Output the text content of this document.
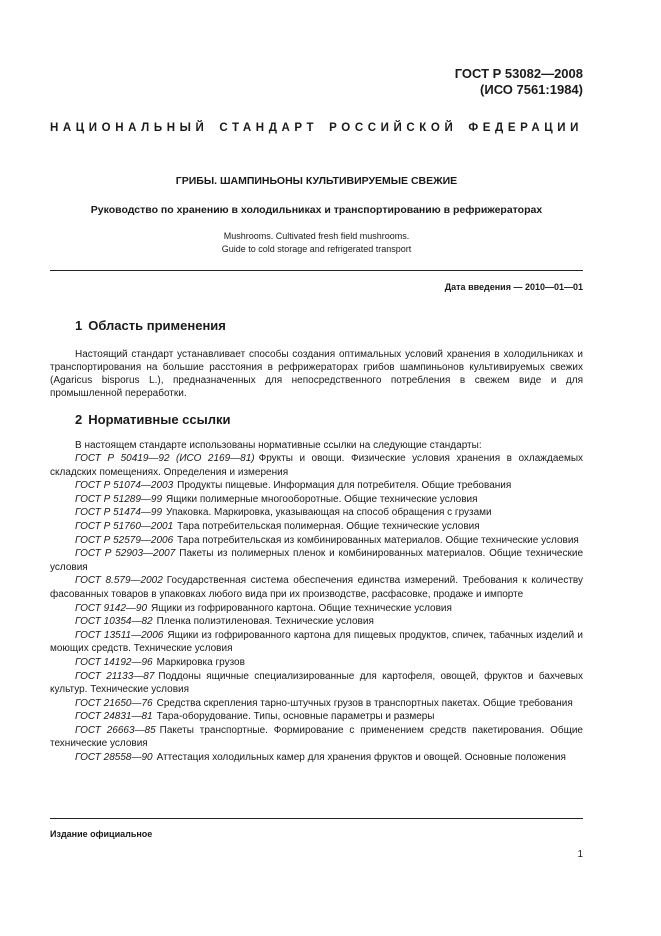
ГОСТ Р 53082—2008
(ИСО 7561:1984)
НАЦИОНАЛЬНЫЙ СТАНДАРТ РОССИЙСКОЙ ФЕДЕРАЦИИ
ГРИБЫ. ШАМПИНЬОНЫ КУЛЬТИВИРУЕМЫЕ СВЕЖИЕ
Руководство по хранению в холодильниках и транспортированию в рефрижераторах
Mushrooms. Cultivated fresh field mushrooms.
Guide to cold storage and refrigerated transport
Дата введения — 2010—01—01
1 Область применения
Настоящий стандарт устанавливает способы создания оптимальных условий хранения в холодильниках и транспортирования на большие расстояния в рефрижераторах грибов шампиньонов культивируемых свежих (Agaricus bisporus L.), предназначенных для непосредственного потребления в свежем виде и для промышленной переработки.
2 Нормативные ссылки
В настоящем стандарте использованы нормативные ссылки на следующие стандарты:

ГОСТ Р 50419—92 (ИСО 2169—81) Фрукты и овощи. Физические условия хранения в охлаждаемых складских помещениях. Определения и измерения

ГОСТ Р 51074—2003 Продукты пищевые. Информация для потребителя. Общие требования

ГОСТ Р 51289—99 Ящики полимерные многооборотные. Общие технические условия

ГОСТ Р 51474—99 Упаковка. Маркировка, указывающая на способ обращения с грузами

ГОСТ Р 51760—2001 Тара потребительская полимерная. Общие технические условия

ГОСТ Р 52579—2006 Тара потребительская из комбинированных материалов. Общие технические условия

ГОСТ Р 52903—2007 Пакеты из полимерных пленок и комбинированных материалов. Общие технические условия

ГОСТ 8.579—2002 Государственная система обеспечения единства измерений. Требования к количеству фасованных товаров в упаковках любого вида при их производстве, расфасовке, продаже и импорте

ГОСТ 9142—90 Ящики из гофрированного картона. Общие технические условия

ГОСТ 10354—82 Пленка полиэтиленовая. Технические условия

ГОСТ 13511—2006 Ящики из гофрированного картона для пищевых продуктов, спичек, табачных изделий и моющих средств. Технические условия

ГОСТ 14192—96 Маркировка грузов

ГОСТ 21133—87 Поддоны ящичные специализированные для картофеля, овощей, фруктов и бахчевых культур. Технические условия

ГОСТ 21650—76 Средства скрепления тарно-штучных грузов в транспортных пакетах. Общие требования

ГОСТ 24831—81 Тара-оборудование. Типы, основные параметры и размеры

ГОСТ 26663—85 Пакеты транспортные. Формирование с применением средств пакетирования. Общие технические условия

ГОСТ 28558—90 Аттестация холодильных камер для хранения фруктов и овощей. Основные положения

Издание официальное
1
